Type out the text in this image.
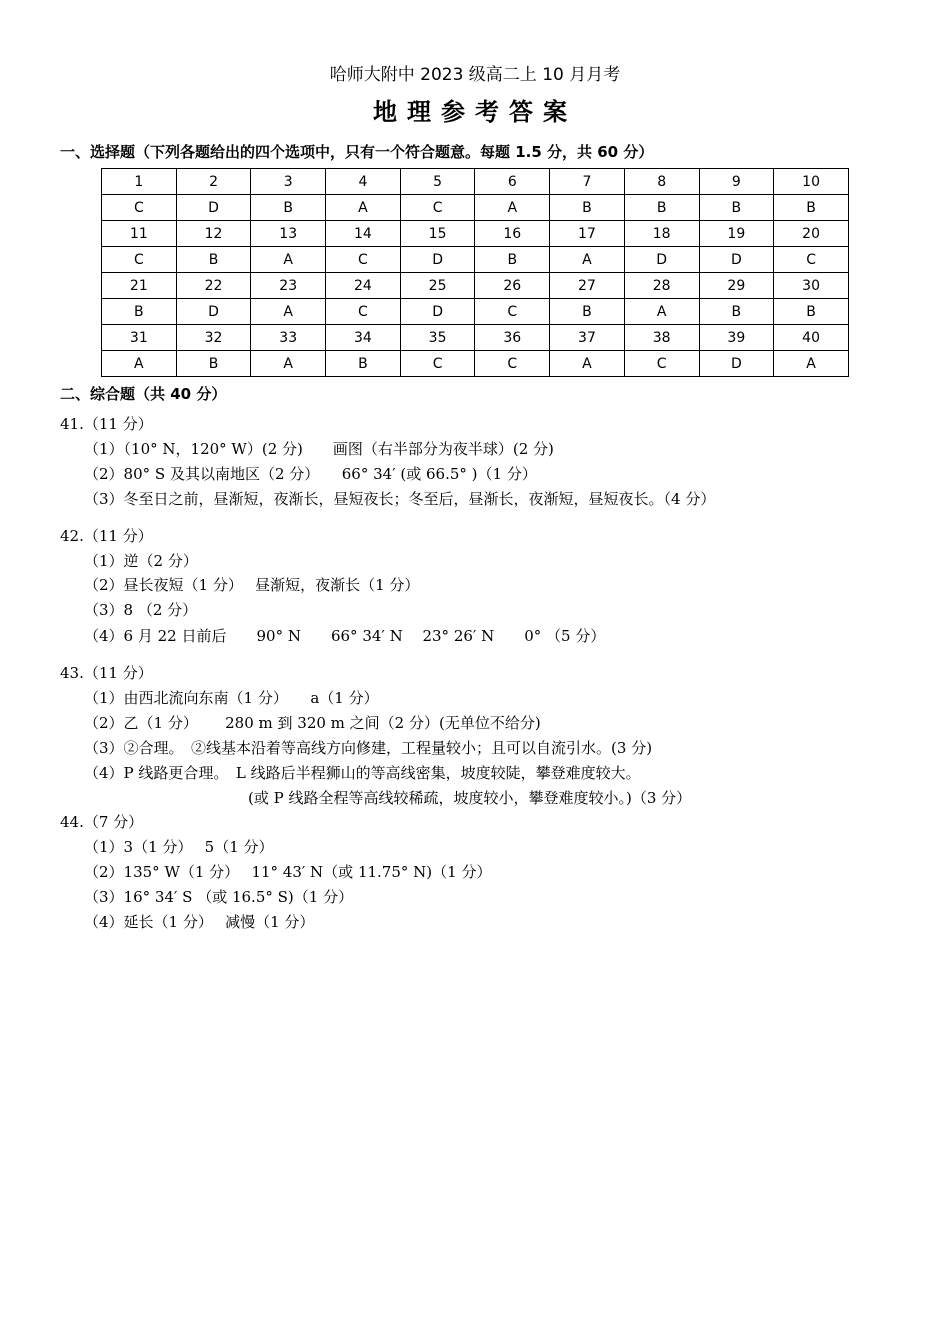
哈师大附中 2023 级高二上 10 月月考
地理参考答案
一、选择题（下列各题给出的四个选项中，只有一个符合题意。每题 1.5 分，共 60 分）
1	2	3	4	5	6	7	8	9	10
C	D	B	A	C	A	B	B	B	B
11	12	13	14	15	16	17	18	19	20
C	B	A	C	D	B	A	D	D	C
21	22	23	24	25	26	27	28	29	30
B	D	A	C	D	C	B	A	B	B
31	32	33	34	35	36	37	38	39	40
A	B	A	B	C	C	A	C	D	A
二、综合题（共 40 分）
41.（11 分）
（1）（10° N，120° W）(2 分)　　画图（右半部分为夜半球）(2 分)
（2）80° S 及其以南地区（2 分）　　66° 34′ (或 66.5° )（1 分）
（3）冬至日之前，昼渐短，夜渐长，昼短夜长；冬至后，昼渐长，夜渐短，昼短夜长。（4 分）
42.（11 分）
（1）逆（2 分）
（2）昼长夜短（1 分）　 昼渐短，夜渐长（1 分）
（3）8 （2 分）
（4）6 月 22 日前后　　90° N　　66° 34′ N　 23° 26′ N　　0° （5 分）
43.（11 分）
（1）由西北流向东南（1 分）　　a（1 分）
（2）乙（1 分）　　 280 m 到 320 m 之间（2 分）(无单位不给分)
（3）②合理。　②线基本沿着等高线方向修建，工程量较小；且可以自流引水。(3 分)
（4）P 线路更合理。　L 线路后半程狮山的等高线密集，坡度较陡，攀登难度较大。
(或 P 线路全程等高线较稀疏，坡度较小，攀登难度较小。)（3 分）
44.（7 分）
（1）3（1 分）　 5（1 分）
（2）135° W（1 分）　 11° 43′ N（或 11.75° N)（1 分）
（3）16° 34′ S （或 16.5° S)（1 分）
（4）延长（1 分）　 减慢（1 分）
